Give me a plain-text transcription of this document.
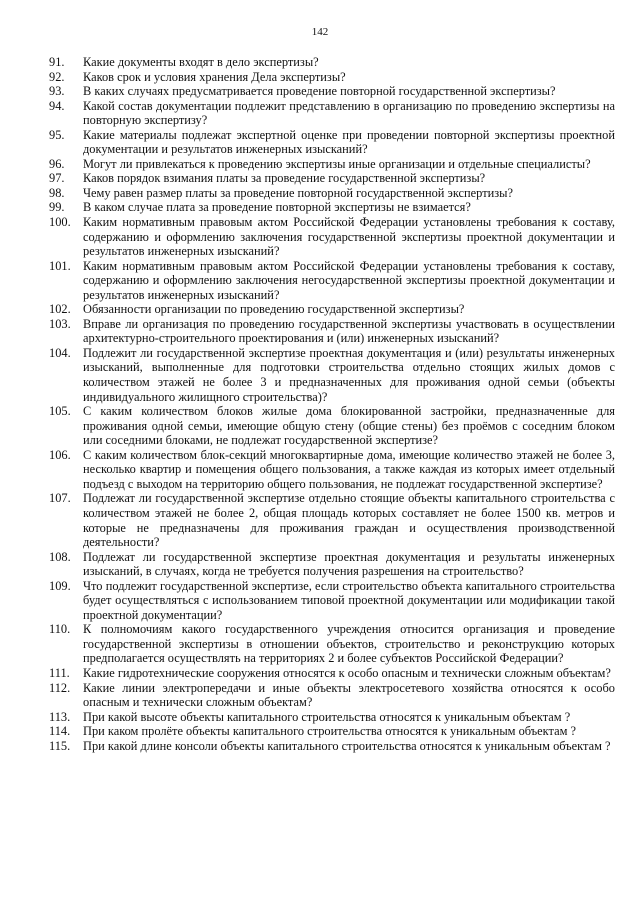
142
91.	Какие документы входят в дело экспертизы?
92.	Каков срок и условия хранения Дела экспертизы?
93.	В каких случаях предусматривается проведение повторной государственной экспертизы?
94.	Какой состав документации подлежит представлению в организацию по проведению экспертизы на повторную экспертизу?
95.	Какие материалы подлежат экспертной оценке при проведении повторной экспертизы проектной документации и результатов инженерных изысканий?
96.	Могут ли привлекаться к проведению экспертизы иные организации и отдельные специалисты?
97.	Каков порядок взимания платы за проведение государственной экспертизы?
98.	Чему равен размер платы за проведение повторной государственной экспертизы?
99.	В каком случае плата за проведение повторной экспертизы не взимается?
100. Каким нормативным правовым актом Российской Федерации установлены требования к составу, содержанию и оформлению заключения государственной экспертизы проектной документации и результатов инженерных изысканий?
101. Каким нормативным правовым актом Российской Федерации установлены требования к составу, содержанию и оформлению заключения негосударственной экспертизы проектной документации и результатов инженерных изысканий?
102. Обязанности организации по проведению государственной экспертизы?
103. Вправе ли организация по проведению государственной экспертизы участвовать в осуществлении архитектурно-строительного проектирования и (или) инженерных изысканий?
104. Подлежит ли государственной экспертизе проектная документация и (или) результаты инженерных изысканий, выполненные для подготовки строительства отдельно стоящих жилых домов с количеством этажей не более 3 и предназначенных для проживания одной семьи (объекты индивидуального жилищного строительства)?
105. С каким количеством блоков жилые дома блокированной застройки, предназначенные для проживания одной семьи, имеющие общую стену (общие стены) без проёмов с соседним блоком или соседними блоками, не подлежат государственной экспертизе?
106. С каким количеством блок-секций многоквартирные дома, имеющие количество этажей не более 3, несколько квартир и помещения общего пользования, а также каждая из которых имеет отдельный подъезд с выходом на территорию общего пользования, не подлежат государственной экспертизе?
107. Подлежат ли государственной экспертизе отдельно стоящие объекты капитального строительства с количеством этажей не более 2, общая площадь которых составляет не более 1500 кв. метров и которые не предназначены для проживания граждан и осуществления производственной деятельности?
108. Подлежат ли государственной экспертизе проектная документация и результаты инженерных изысканий, в случаях, когда не требуется получения разрешения на строительство?
109. Что подлежит государственной экспертизе, если строительство объекта капитального строительства будет осуществляться с использованием типовой проектной документации или модификации такой проектной документации?
110.	К полномочиям какого государственного учреждения относится организация и проведение государственной экспертизы в отношении объектов, строительство и реконструкцию которых предполагается осуществлять на территориях 2 и более субъектов Российской Федерации?
111.	Какие гидротехнические сооружения относятся к особо опасным и технически сложным объектам?
112.	Какие линии электропередачи и иные объекты электросетевого хозяйства относятся к особо опасным и технически сложным объектам?
113.	При какой высоте объекты капитального строительства относятся к уникальным объектам ?
114.	При каком пролёте объекты капитального строительства относятся к уникальным объектам ?
115.	При какой длине консоли объекты капитального строительства относятся к уникальным объектам ?
